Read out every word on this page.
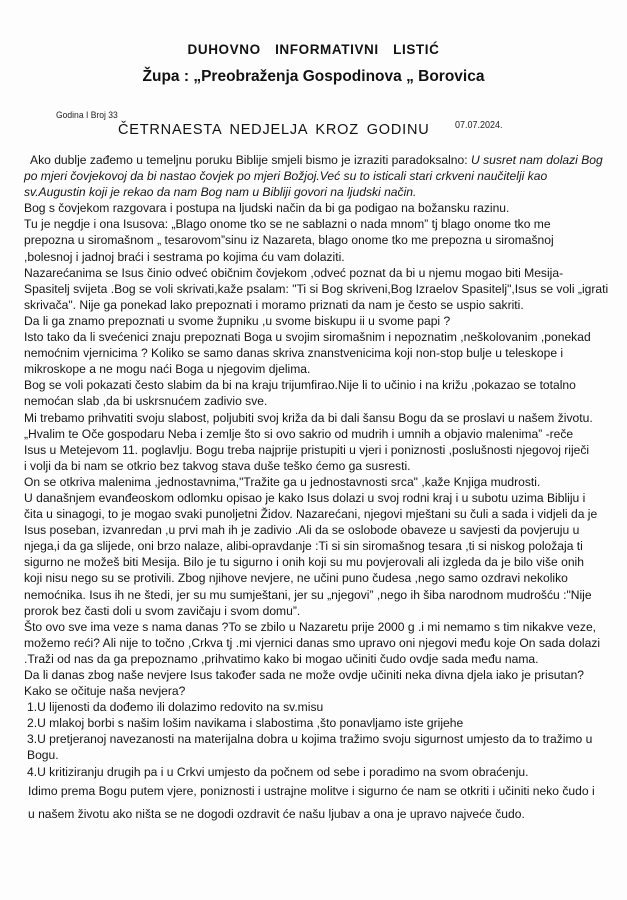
DUHOVNO INFORMATIVNI LISTIĆ
Župa : „Preobraženja Gospodinova „ Borovica
Godina I Broj 33
ČETRNAESTA NEDJELJA KROZ GODINU	07.07.2024.
Ako dublje zađemo u temeljnu poruku Biblije smjeli bismo je izraziti paradoksalno: U susret nam dolazi Bog
po mjeri čovjekovoj da bi nastao čovjek po mjeri Božjoj.Već su to isticali stari crkveni naučitelji kao
sv.Augustin koji je rekao da nam Bog nam u Bibliji govori na ljudski način.
Bog s čovjekom razgovara i postupa na ljudski način da bi ga podigao na božansku razinu.
Tu je negdje i ona Isusova: „Blago onome tko se ne sablazni o nada mnom” tj blago onome tko me
prepozna u siromašnom „ tesarovom”sinu iz Nazareta, blago onome tko me prepozna u siromašnoj
,bolesnoj i jadnoj braći i sestrama po kojima ću vam dolaziti.
Nazarećanima se Isus činio odveć običnim čovjekom ,odveć poznat da bi u njemu mogao biti Mesija-
Spasitelj svijeta .Bog se voli skrivati,kaže psalam: "Ti si Bog skriveni,Bog Izraelov Spasitelj",Isus se voli „igrati
skrivača". Nije ga ponekad lako prepoznati i moramo priznati da nam je često se uspio sakriti.
Da li ga znamo prepoznati u svome župniku ,u svome biskupu ii u svome papi ?
Isto tako da li svećenici znaju prepoznati Boga u svojim siromašnim i nepoznatim ,neškolovanim ,ponekad
nemoćnim vjernicima ? Koliko se samo danas skriva znanstvenicima koji non-stop bulje u teleskope i
mikroskope a ne mogu naći Boga u njegovim djelima.
Bog se voli pokazati često slabim da bi na kraju trijumfirao.Nije li to učinio i na križu ,pokazao se totalno
nemoćan slab ,da bi uskrsnućem zadivio sve.
Mi trebamo prihvatiti svoju slabost, poljubiti svoj križa da bi dali šansu Bogu da se proslavi u našem životu.
„Hvalim te Oče gospodaru Neba i zemlje što si ovo sakrio od mudrih i umnih a objavio malenima” -reče
Isus u Metejevom 11. poglavlju. Bogu treba najprije pristupiti u vjeri i poniznosti ,poslušnosti njegovoj riječi
i volji da bi nam se otkrio bez takvog stava duše teško ćemo ga susresti.
On se otkriva malenima ,jednostavnima,"Tražite ga u jednostavnosti srca" ,kaže Knjiga mudrosti.
U današnjem evanđeoskom odlomku opisao je kako Isus dolazi u svoj rodni kraj i u subotu uzima Bibliju i
čita u sinagogi, to je mogao svaki punoljetni Židov. Nazarećani, njegovi mještani su čuli a sada i vidjeli da je
Isus poseban, izvanredan ,u prvi mah ih je zadivio .Ali da se oslobode obaveze u savjesti da povjeruju u
njega,i da ga slijede, oni brzo nalaze, alibi-opravdanje :Ti si sin siromašnog tesara ,ti si niskog položaja ti
sigurno ne možeš biti Mesija. Bilo je tu sigurno i onih koji su mu povjerovali ali izgleda da je bilo više onih
koji nisu nego su se protivili. Zbog njihove nevjere, ne učini puno čudesa ,nego samo ozdravi nekoliko
nemoćnika. Isus ih ne štedi, jer su mu sumještani, jer su „njegovi” ,nego ih šiba narodnom mudrošću :"Nije
prorok bez časti doli u svom zavičaju i svom domu”.
Što ovo sve ima veze s nama danas ?To se zbilo u Nazaretu prije 2000 g .i mi nemamo s tim nikakve veze,
možemo reći? Ali nije to točno ,Crkva tj .mi vjernici danas smo upravo oni njegovi među koje On sada dolazi
.Traži od nas da ga prepoznamo ,prihvatimo kako bi mogao učiniti čudo ovdje sada među nama.
Da li danas zbog naše nevjere Isus također sada ne može ovdje učiniti neka divna djela iako je prisutan?
Kako se očituje naša nevjera?
1.U lijenosti da dođemo ili dolazimo redovito na sv.misu
2.U mlakoj borbi s našim lošim navikama i slabostima ,što ponavljamo iste grijehe
3.U pretjeranoj navezanosti na materijalna dobra u kojima tražimo svoju sigurnost umjesto da to tražimo u
Bogu.
4.U kritiziranju drugih pa i u Crkvi umjesto da počnem od sebe i poradimo na svom obraćenju.
Idimo prema Bogu putem vjere, poniznosti i ustrajne molitve i sigurno će nam se otkriti i učiniti neko čudo i
u našem životu ako ništa se ne dogodi ozdravit će našu ljubav a ona je upravo najveće čudo.
